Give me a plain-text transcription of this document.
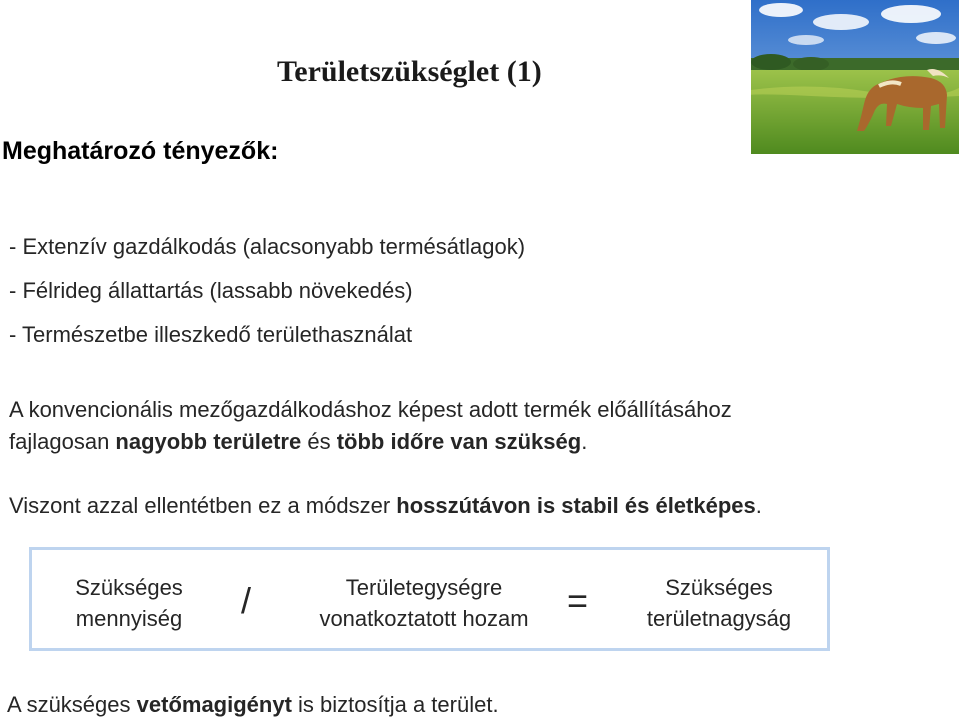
Területszükséglet (1)
Meghatározó tényezők:
- Extenzív gazdálkodás (alacsonyabb termésátlagok)
- Félrideg állattartás (lassabb növekedés)
- Természetbe illeszkedő területhasználat
A konvencionális mezőgazdálkodáshoz képest adott termék előállításához
fajlagosan nagyobb területre és több időre van szükség.
Viszont azzal ellentétben ez a módszer hosszútávon is stabil és életképes.
Szükséges
mennyiség	/	Területegységre
vonatkoztatott hozam	=	Szükséges
területnagyság
A szükséges vetőmagigényt is biztosítja a terület.
